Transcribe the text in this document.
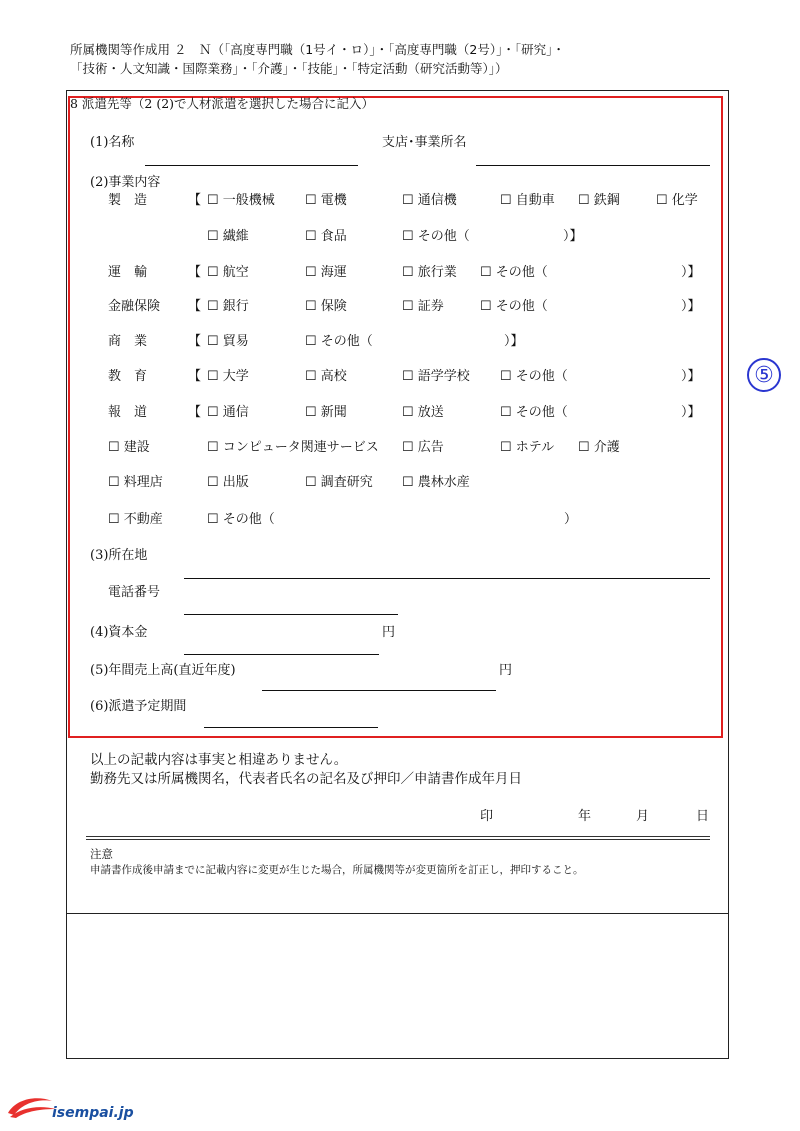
所属機関等作成用 ２　Ｎ（「高度専門職（1号イ・ロ）」・「高度専門職（2号）」・「研究」・
「技術・人文知識・国際業務」・「介護」・「技能」・「特定活動（研究活動等）」）
⑤
8 派遣先等（2 (2)で人材派遣を選択した場合に記入）
(1)名称	支店･事業所名
(2)事業内容
製　造	【 ☐ 一般機械 ☐ 電機	☐ 通信機	☐ 自動車 ☐ 鉄鋼	☐ 化学
☐ 繊維	☐ 食品	☐ その他（	）】
運　輸	【 ☐ 航空	☐ 海運	☐ 旅行業 ☐ その他（	）】
金融保険 【 ☐ 銀行	☐ 保険	☐ 証券	☐ その他（	）】
商　業	【 ☐ 貿易	☐ その他（	）】
教　育	【 ☐ 大学	☐ 高校	☐ 語学学校 ☐ その他（	）】
報　道	【 ☐ 通信	☐ 新聞	☐ 放送	☐ その他（	）】
☐ 建設	☐ コンピュータ関連サービス ☐ 広告	☐ ホテル ☐ 介護
☐ 料理店	☐ 出版	☐ 調査研究 ☐ 農林水産
☐ 不動産	☐ その他（	）
(3)所在地
電話番号
(4)資本金	円
(5)年間売上高(直近年度)	円
(6)派遣予定期間
以上の記載内容は事実と相違ありません。
勤務先又は所属機関名，代表者氏名の記名及び押印／申請書作成年月日
印	年	月	日
注意
申請書作成後申請までに記載内容に変更が生じた場合，所属機関等が変更箇所を訂正し，押印すること。
isempai.jp
